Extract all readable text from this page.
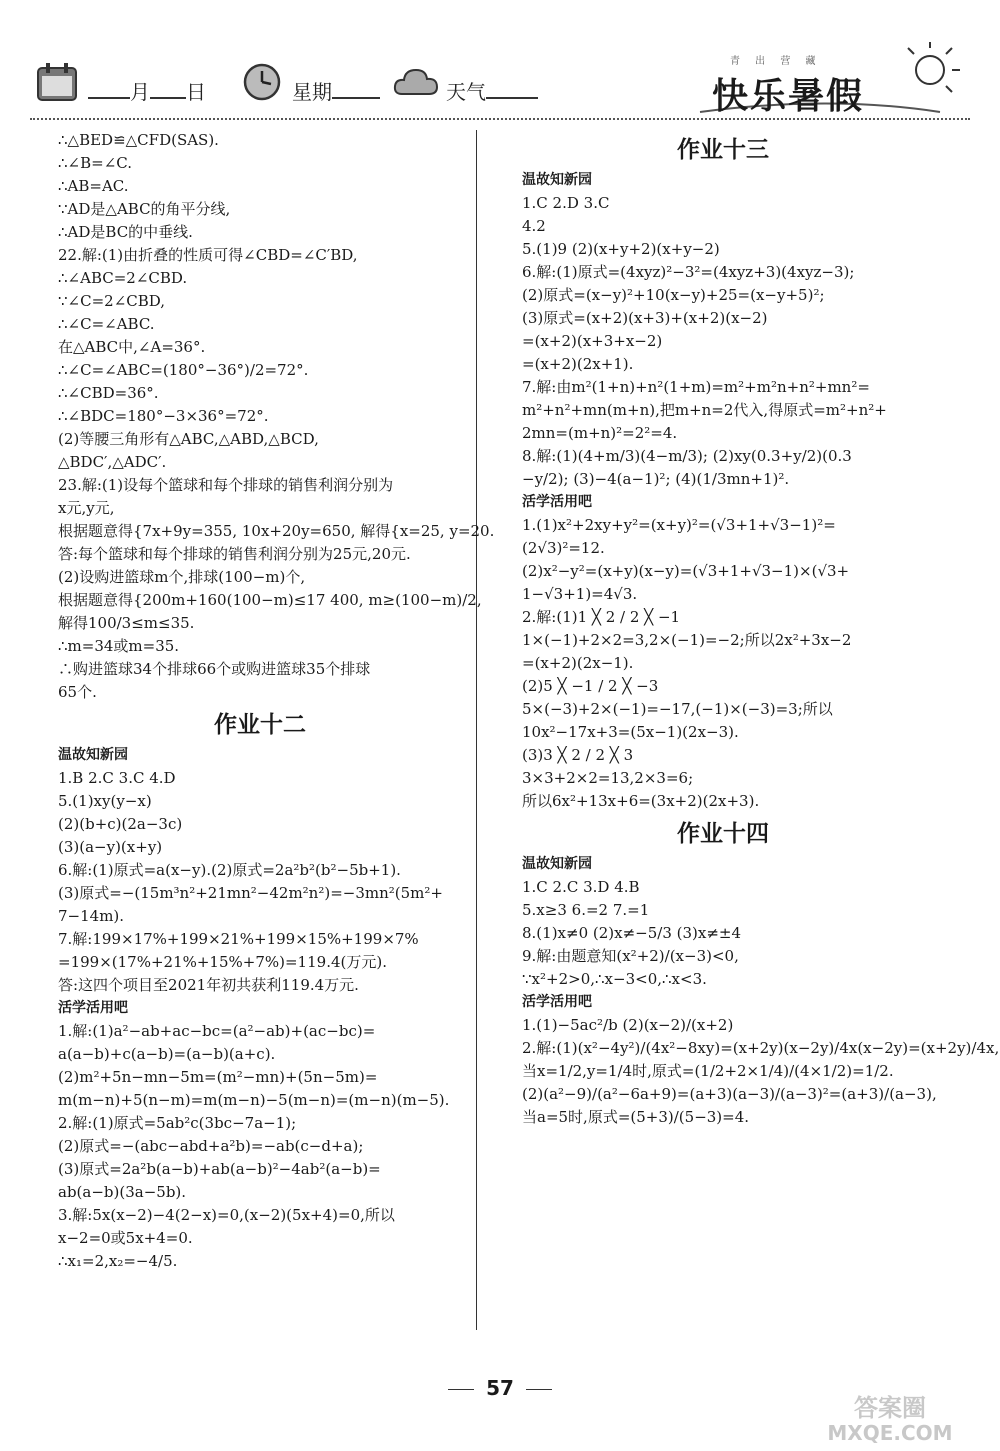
月 日	星期	天气
青 出 营 藏
快乐暑假
∴△BED≌△CFD(SAS).
∴∠B=∠C.
∴AB=AC.
∵AD是△ABC的角平分线,
∴AD是BC的中垂线.
22.解:(1)由折叠的性质可得∠CBD=∠C′BD,
∴∠ABC=2∠CBD.
∵∠C=2∠CBD,
∴∠C=∠ABC.
在△ABC中,∠A=36°.
∴∠C=∠ABC=(180°−36°)/2=72°.
∴∠CBD=36°.
∴∠BDC=180°−3×36°=72°.
(2)等腰三角形有△ABC,△ABD,△BCD,
△BDC′,△ADC′.
23.解:(1)设每个篮球和每个排球的销售利润分别为
x元,y元,
根据题意得{7x+9y=355, 10x+20y=650, 解得{x=25, y=20.
答:每个篮球和每个排球的销售利润分别为25元,20元.
(2)设购进篮球m个,排球(100−m)个,
根据题意得{200m+160(100−m)≤17 400, m≥(100−m)/2,
解得100/3≤m≤35.
∴m=34或m=35.
∴购进篮球34个排球66个或购进篮球35个排球
65个.
作业十二
温故知新园
1.B 2.C 3.C 4.D
5.(1)xy(y−x)
(2)(b+c)(2a−3c)
(3)(a−y)(x+y)
6.解:(1)原式=a(x−y).(2)原式=2a²b²(b²−5b+1).
(3)原式=−(15m³n²+21mn²−42m²n²)=−3mn²(5m²+
7−14m).
7.解:199×17%+199×21%+199×15%+199×7%
=199×(17%+21%+15%+7%)=119.4(万元).
答:这四个项目至2021年初共获利119.4万元.
活学活用吧
1.解:(1)a²−ab+ac−bc=(a²−ab)+(ac−bc)=
a(a−b)+c(a−b)=(a−b)(a+c).
(2)m²+5n−mn−5m=(m²−mn)+(5n−5m)=
m(m−n)+5(n−m)=m(m−n)−5(m−n)=(m−n)(m−5).
2.解:(1)原式=5ab²c(3bc−7a−1);
(2)原式=−(abc−abd+a²b)=−ab(c−d+a);
(3)原式=2a²b(a−b)+ab(a−b)²−4ab²(a−b)=
ab(a−b)(3a−5b).
3.解:5x(x−2)−4(2−x)=0,(x−2)(5x+4)=0,所以
x−2=0或5x+4=0.
∴x₁=2,x₂=−4/5.
作业十三
温故知新园
1.C 2.D 3.C
4.2
5.(1)9 (2)(x+y+2)(x+y−2)
6.解:(1)原式=(4xyz)²−3²=(4xyz+3)(4xyz−3);
(2)原式=(x−y)²+10(x−y)+25=(x−y+5)²;
(3)原式=(x+2)(x+3)+(x+2)(x−2)
=(x+2)(x+3+x−2)
=(x+2)(2x+1).
7.解:由m²(1+n)+n²(1+m)=m²+m²n+n²+mn²=
m²+n²+mn(m+n),把m+n=2代入,得原式=m²+n²+
2mn=(m+n)²=2²=4.
8.解:(1)(4+m/3)(4−m/3); (2)xy(0.3+y/2)(0.3
−y/2); (3)−4(a−1)²; (4)(1/3mn+1)².
活学活用吧
1.(1)x²+2xy+y²=(x+y)²=(√3+1+√3−1)²=
(2√3)²=12.
(2)x²−y²=(x+y)(x−y)=(√3+1+√3−1)×(√3+
1−√3+1)=4√3.
2.解:(1)1 ╳ 2 / 2 ╳ −1
1×(−1)+2×2=3,2×(−1)=−2;所以2x²+3x−2
=(x+2)(2x−1).
(2)5 ╳ −1 / 2 ╳ −3
5×(−3)+2×(−1)=−17,(−1)×(−3)=3;所以
10x²−17x+3=(5x−1)(2x−3).
(3)3 ╳ 2 / 2 ╳ 3
3×3+2×2=13,2×3=6;
所以6x²+13x+6=(3x+2)(2x+3).
作业十四
温故知新园
1.C 2.C 3.D 4.B
5.x≥3 6.=2 7.=1
8.(1)x≠0 (2)x≠−5/3 (3)x≠±4
9.解:由题意知(x²+2)/(x−3)<0,
∵x²+2>0,∴x−3<0,∴x<3.
活学活用吧
1.(1)−5ac²/b (2)(x−2)/(x+2)
2.解:(1)(x²−4y²)/(4x²−8xy)=(x+2y)(x−2y)/4x(x−2y)=(x+2y)/4x,
当x=1/2,y=1/4时,原式=(1/2+2×1/4)/(4×1/2)=1/2.
(2)(a²−9)/(a²−6a+9)=(a+3)(a−3)/(a−3)²=(a+3)/(a−3),
当a=5时,原式=(5+3)/(5−3)=4.
57
答案圈
MXQE.COM
